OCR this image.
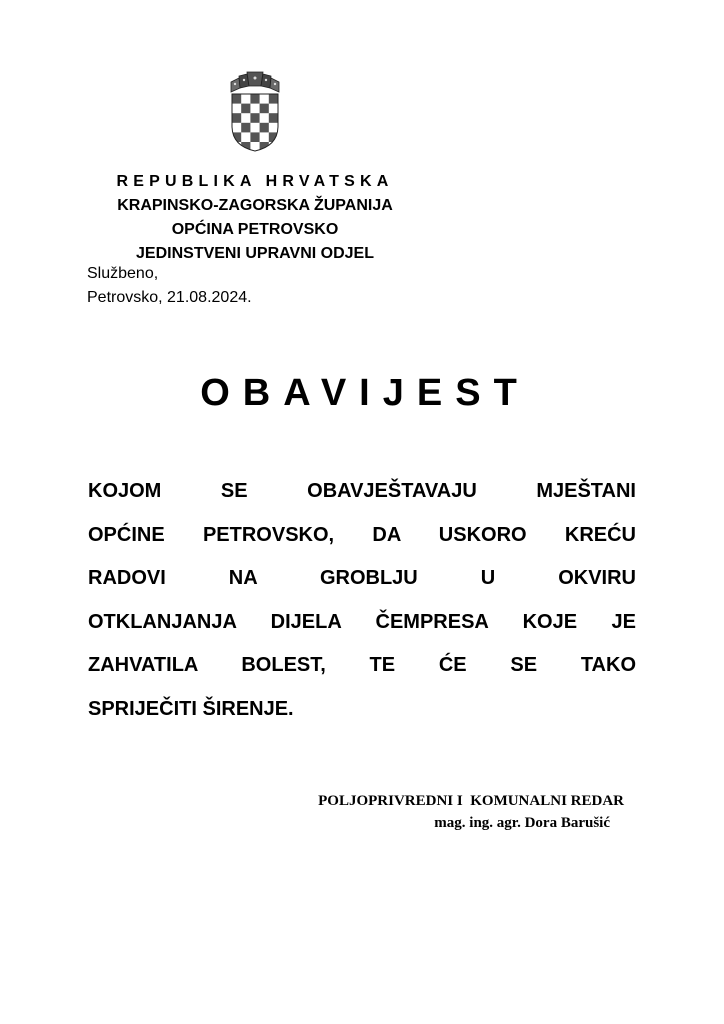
REPUBLIKA HRVATSKA
KRAPINSKO-ZAGORSKA ŽUPANIJA
OPĆINA PETROVSKO
JEDINSTVENI UPRAVNI ODJEL
Službeno,
Petrovsko, 21.08.2024.
OBAVIJEST
KOJOM SE OBAVJEŠTAVAJU MJEŠTANI
OPĆINE PETROVSKO, DA USKORO KREĆU
RADOVI NA GROBLJU U OKVIRU
OTKLANJANJA DIJELA ČEMPRESA KOJE JE
ZAHVATILA BOLEST, TE ĆE SE TAKO
SPRIJEČITI ŠIRENJE.
POLJOPRIVREDNI I  KOMUNALNI REDAR
mag. ing. agr. Dora Barušić
